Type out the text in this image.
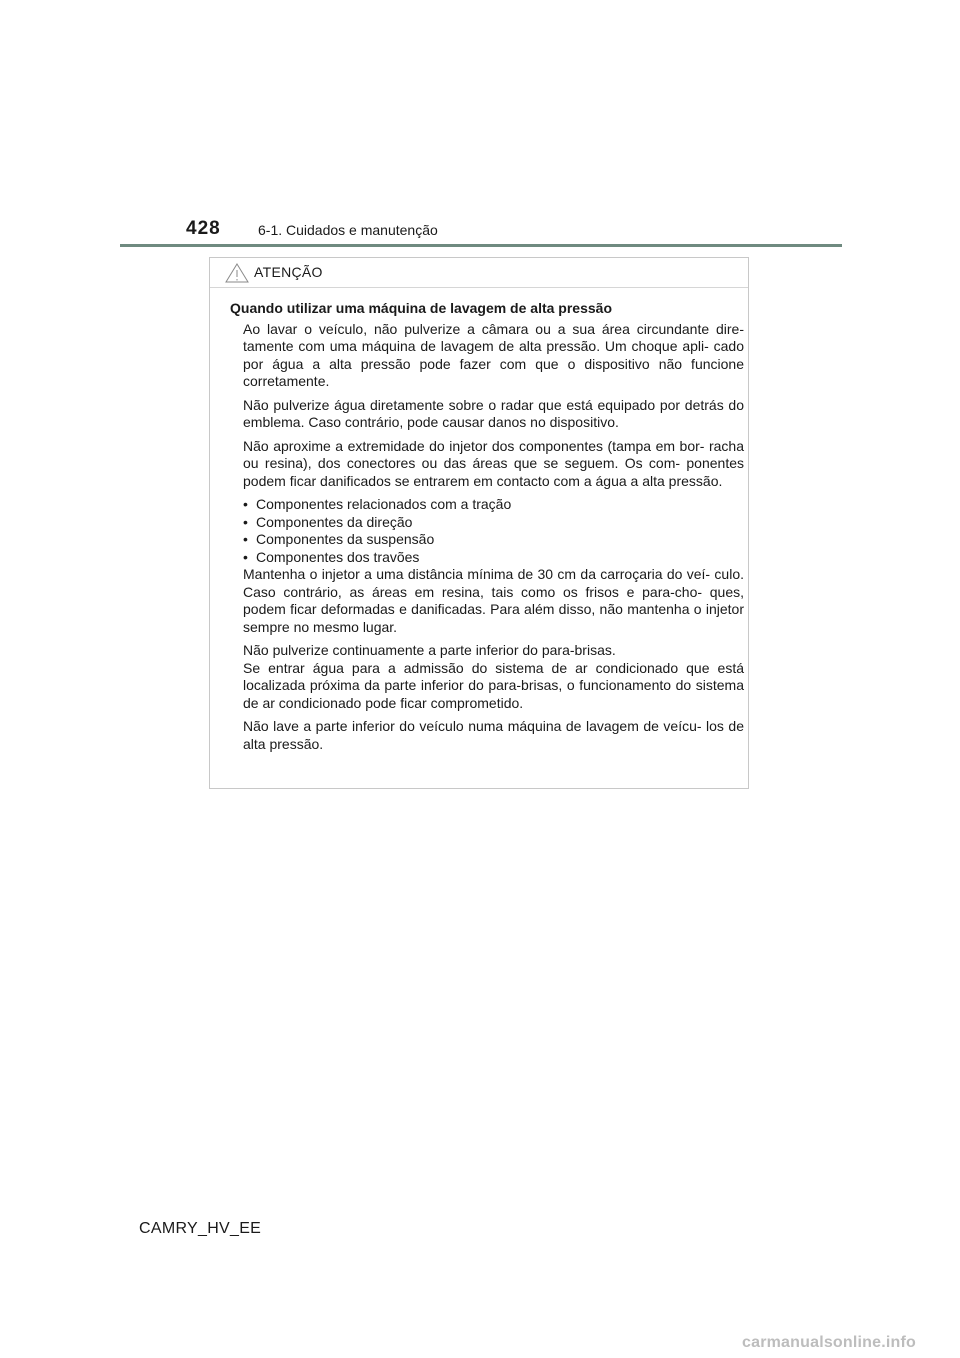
428	6-1. Cuidados e manutenção
ATENÇÃO

Quando utilizar uma máquina de lavagem de alta pressão

Ao lavar o veículo, não pulverize a câmara ou a sua área circundante dire- tamente com uma máquina de lavagem de alta pressão. Um choque apli- cado por água a alta pressão pode fazer com que o dispositivo não funcione corretamente.

Não pulverize água diretamente sobre o radar que está equipado por detrás do emblema. Caso contrário, pode causar danos no dispositivo.

Não aproxime a extremidade do injetor dos componentes (tampa em bor- racha ou resina), dos conectores ou das áreas que se seguem. Os com- ponentes podem ficar danificados se entrarem em contacto com a água a alta pressão.

• Componentes relacionados com a tração
• Componentes da direção
• Componentes da suspensão
• Componentes dos travões

Mantenha o injetor a uma distância mínima de 30 cm da carroçaria do veí- culo. Caso contrário, as áreas em resina, tais como os frisos e para-cho- ques, podem ficar deformadas e danificadas. Para além disso, não mantenha o injetor sempre no mesmo lugar.

Não pulverize continuamente a parte inferior do para-brisas.

Se entrar água para a admissão do sistema de ar condicionado que está localizada próxima da parte inferior do para-brisas, o funcionamento do sistema de ar condicionado pode ficar comprometido.

Não lave a parte inferior do veículo numa máquina de lavagem de veícu- los de alta pressão.

CAMRY_HV_EE
carmanualsonline.info
